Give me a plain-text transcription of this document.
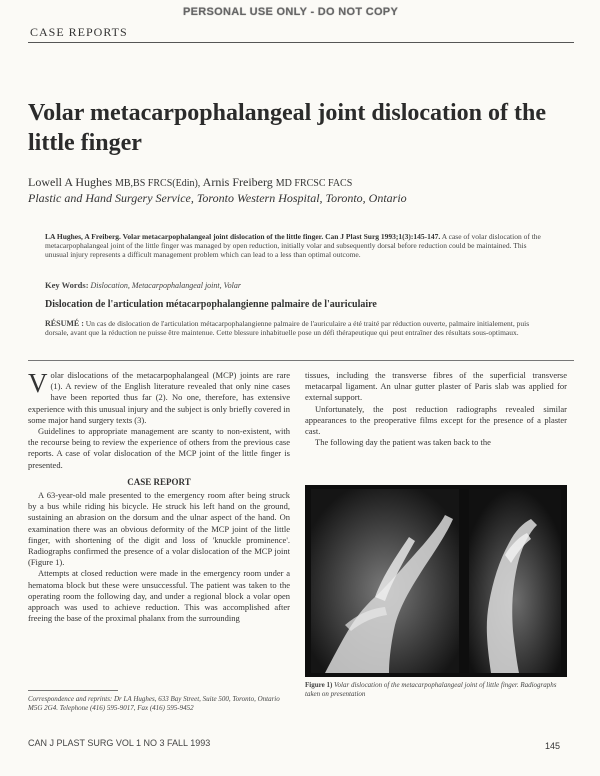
PERSONAL USE ONLY - DO NOT COPY
CASE REPORTS
Volar metacarpophalangeal joint dislocation of the little finger
Lowell A Hughes MB,BS FRCS(Edin), Arnis Freiberg MD FRCSC FACS
Plastic and Hand Surgery Service, Toronto Western Hospital, Toronto, Ontario
LA Hughes, A Freiberg. Volar metacarpophalangeal joint dislocation of the little finger. Can J Plast Surg 1993;1(3):145-147. A case of volar dislocation of the metacarpophalangeal joint of the little finger was managed by open reduction, initially volar and subsequently dorsal before reduction could be maintained. This unusual injury represents a difficult management problem which can lead to a less than optimal outcome.
Key Words: Dislocation, Metacarpophalangeal joint, Volar
Dislocation de l'articulation métacarpophalangienne palmaire de l'auriculaire
RÉSUMÉ : Un cas de dislocation de l'articulation métacarpophalangienne palmaire de l'auriculaire a été traité par réduction ouverte, palmaire initialement, puis dorsale, avant que la réduction ne puisse être maintenue. Cette blessure inhabituelle pose un défi thérapeutique qui peut entraîner des résultats sous-optimaux.

Volar dislocations of the metacarpophalangeal (MCP) joints are rare (1). A review of the English literature revealed that only nine cases have been reported thus far (2). No one, therefore, has extensive experience with this unusual injury and the subject is only briefly covered in some major hand surgery texts (3).

Guidelines to appropriate management are scanty to non-existent, with the recourse being to review the experience of others from the previous case reports. A case of volar dislocation of the MCP joint of the little finger is presented.

CASE REPORT

A 63-year-old male presented to the emergency room after being struck by a bus while riding his bicycle. He struck his left hand on the ground, sustaining an abrasion on the dorsum and the ulnar aspect of the hand. On examination there was an obvious deformity of the MCP joint of the little finger, with shortening of the digit and loss of 'knuckle prominence'. Radiographs confirmed the presence of a volar dislocation of the MCP joint (Figure 1).

Attempts at closed reduction were made in the emergency room under a hematoma block but these were unsuccessful. The patient was taken to the operating room the following day, and under a regional block a volar open approach was used to achieve reduction. This was accomplished after freeing the base of the proximal phalanx from the surrounding

tissues, including the transverse fibres of the superficial transverse metacarpal ligament. An ulnar gutter plaster of Paris slab was applied for external support.

Unfortunately, the post reduction radiographs revealed similar appearances to the preoperative films except for the presence of a plaster cast.

The following day the patient was taken back to the

Figure 1) Volar dislocation of the metacarpophalangeal joint of little finger. Radiographs taken on presentation
Correspondence and reprints: Dr LA Hughes, 633 Bay Street, Suite 500, Toronto, Ontario M5G 2G4. Telephone (416) 595-9017, Fax (416) 595-9452
CAN J PLAST SURG VOL 1 NO 3 FALL 1993	145
